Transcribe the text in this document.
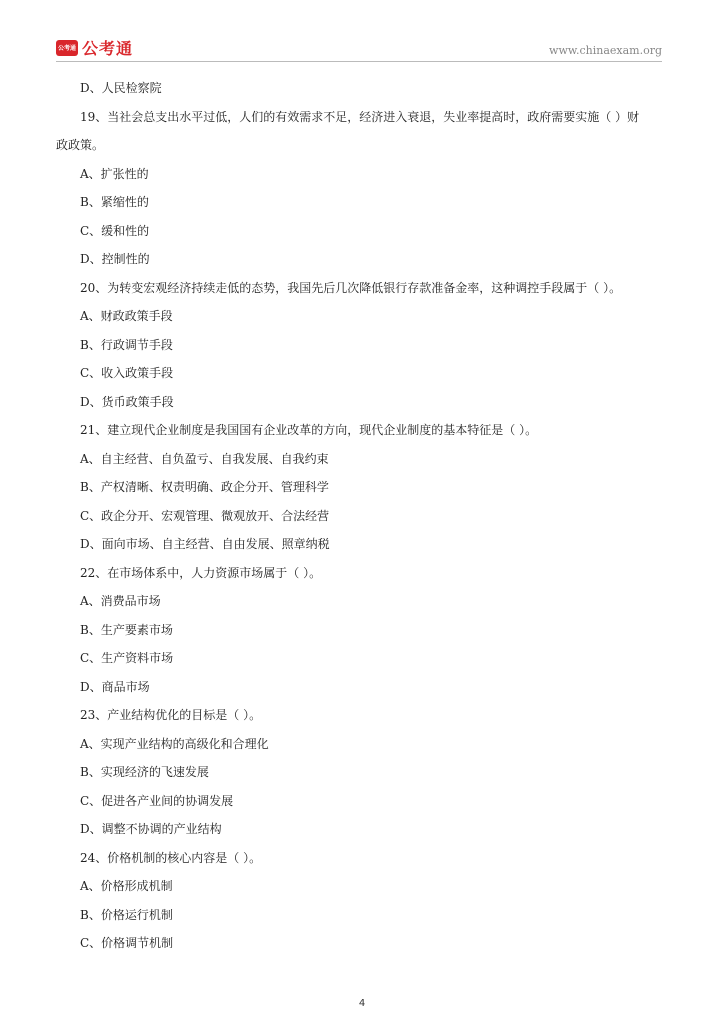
公考通 公考通	www.chinaexam.org
D、人民检察院
19、当社会总支出水平过低，人们的有效需求不足，经济进入衰退，失业率提高时，政府需要实施（ ）财
政政策。
A、扩张性的
B、紧缩性的
C、缓和性的
D、控制性的
20、为转变宏观经济持续走低的态势，我国先后几次降低银行存款准备金率，这种调控手段属于（ ）。
A、财政政策手段
B、行政调节手段
C、收入政策手段
D、货币政策手段
21、建立现代企业制度是我国国有企业改革的方向，现代企业制度的基本特征是（ ）。
A、自主经营、自负盈亏、自我发展、自我约束
B、产权清晰、权责明确、政企分开、管理科学
C、政企分开、宏观管理、微观放开、合法经营
D、面向市场、自主经营、自由发展、照章纳税
22、在市场体系中，人力资源市场属于（ ）。
A、消费品市场
B、生产要素市场
C、生产资料市场
D、商品市场
23、产业结构优化的目标是（ ）。
A、实现产业结构的高级化和合理化
B、实现经济的飞速发展
C、促进各产业间的协调发展
D、调整不协调的产业结构
24、价格机制的核心内容是（ ）。
A、价格形成机制
B、价格运行机制
C、价格调节机制
4
